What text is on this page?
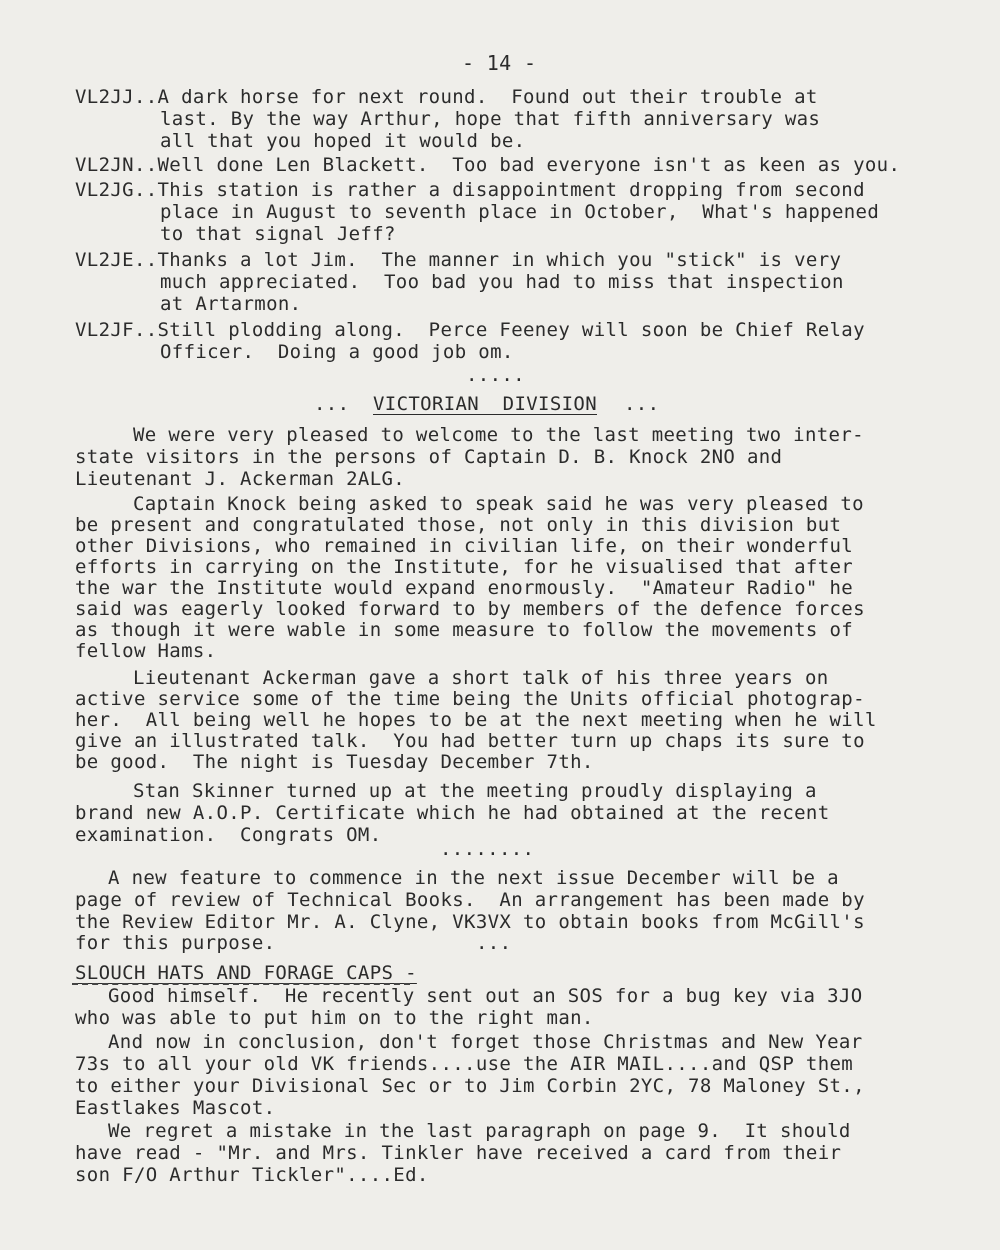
- 14 -
VL2JJ..A dark horse for next round.  Found out their trouble at
last. By the way Arthur, hope that fifth anniversary was
all that you hoped it would be.
VL2JN..Well done Len Blackett.  Too bad everyone isn't as keen as you.
VL2JG..This station is rather a disappointment dropping from second
place in August to seventh place in October,  What's happened
to that signal Jeff?
VL2JE..Thanks a lot Jim.  The manner in which you "stick" is very
much appreciated.  Too bad you had to miss that inspection
at Artarmon.
VL2JF..Still plodding along.  Perce Feeney will soon be Chief Relay
Officer.  Doing a good job om.
.....
... VICTORIAN  DIVISION ...
We were very pleased to welcome to the last meeting two inter-
state visitors in the persons of Captain D. B. Knock 2NO and
Lieutenant J. Ackerman 2ALG.
Captain Knock being asked to speak said he was very pleased to
be present and congratulated those, not only in this division but
other Divisions, who remained in civilian life, on their wonderful
efforts in carrying on the Institute, for he visualised that after
the war the Institute would expand enormously.  "Amateur Radio" he
said was eagerly looked forward to by members of the defence forces
as though it were wable in some measure to follow the movements of
fellow Hams.
Lieutenant Ackerman gave a short talk of his three years on
active service some of the time being the Units official photograp-
her.  All being well he hopes to be at the next meeting when he will
give an illustrated talk.  You had better turn up chaps its sure to
be good.  The night is Tuesday December 7th.
Stan Skinner turned up at the meeting proudly displaying a
brand new A.O.P. Certificate which he had obtained at the recent
examination.  Congrats OM.
........
A new feature to commence in the next issue December will be a
page of review of Technical Books.  An arrangement has been made by
the Review Editor Mr. A. Clyne, VK3VX to obtain books from McGill's
for this purpose.	...
SLOUCH HATS AND FORAGE CAPS -
Good himself.  He recently sent out an SOS for a bug key via 3JO
who was able to put him on to the right man.
And now in conclusion, don't forget those Christmas and New Year
73s to all your old VK friends....use the AIR MAIL....and QSP them
to either your Divisional Sec or to Jim Corbin 2YC, 78 Maloney St.,
Eastlakes Mascot.
We regret a mistake in the last paragraph on page 9.  It should
have read - "Mr. and Mrs. Tinkler have received a card from their
son F/O Arthur Tickler"....Ed.
